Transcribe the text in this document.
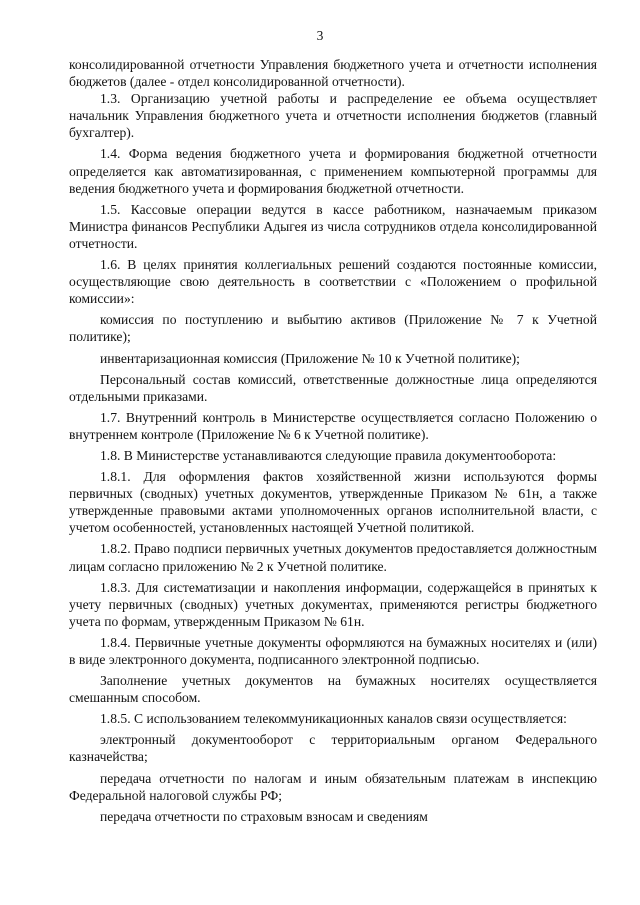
3

консолидированной отчетности Управления бюджетного учета и отчетности исполнения бюджетов (далее - отдел консолидированной отчетности).

1.3. Организацию учетной работы и распределение ее объема осуществляет начальник Управления бюджетного учета и отчетности исполнения бюджетов (главный бухгалтер).

1.4. Форма ведения бюджетного учета и формирования бюджетной отчетности определяется как автоматизированная, с применением компьютерной программы для ведения бюджетного учета и формирования бюджетной отчетности.

1.5. Кассовые операции ведутся в кассе работником, назначаемым приказом Министра финансов Республики Адыгея из числа сотрудников отдела консолидированной отчетности.

1.6. В целях принятия коллегиальных решений создаются постоянные комиссии, осуществляющие свою деятельность в соответствии с «Положением о профильной комиссии»:

комиссия по поступлению и выбытию активов (Приложение № 7 к Учетной политике);

инвентаризационная комиссия (Приложение № 10 к Учетной политике);

Персональный состав комиссий, ответственные должностные лица определяются отдельными приказами.

1.7. Внутренний контроль в Министерстве осуществляется согласно Положению о внутреннем контроле (Приложение № 6 к Учетной политике).

1.8. В Министерстве устанавливаются следующие правила документооборота:

1.8.1. Для оформления фактов хозяйственной жизни используются формы первичных (сводных) учетных документов, утвержденные Приказом № 61н, а также утвержденные правовыми актами уполномоченных органов исполнительной власти, с учетом особенностей, установленных настоящей Учетной политикой.

1.8.2. Право подписи первичных учетных документов предоставляется должностным лицам согласно приложению № 2 к Учетной политике.

1.8.3. Для систематизации и накопления информации, содержащейся в принятых к учету первичных (сводных) учетных документах, применяются регистры бюджетного учета по формам, утвержденным Приказом № 61н.

1.8.4. Первичные учетные документы оформляются на бумажных носителях и (или) в виде электронного документа, подписанного электронной подписью.

Заполнение учетных документов на бумажных носителях осуществляется смешанным способом.

1.8.5. С использованием телекоммуникационных каналов связи осуществляется:

электронный документооборот с территориальным органом Федерального казначейства;

передача отчетности по налогам и иным обязательным платежам в инспекцию Федеральной налоговой службы РФ;

передача отчетности по страховым взносам и сведениям
